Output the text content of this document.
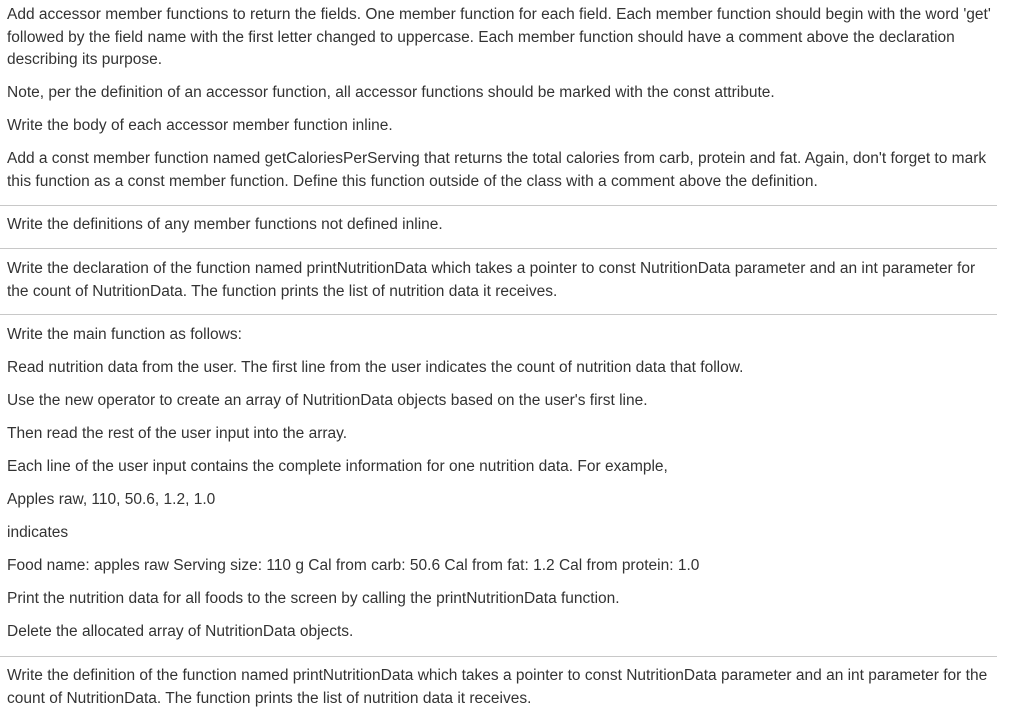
Add accessor member functions to return the fields. One member function for each field. Each member function should begin with the word 'get' followed by the field name with the first letter changed to uppercase. Each member function should have a comment above the declaration describing its purpose.

Note, per the definition of an accessor function, all accessor functions should be marked with the const attribute.

Write the body of each accessor member function inline.

Add a const member function named getCaloriesPerServing that returns the total calories from carb, protein and fat. Again, don't forget to mark this function as a const member function. Define this function outside of the class with a comment above the definition.

Write the definitions of any member functions not defined inline.

Write the declaration of the function named printNutritionData which takes a pointer to const NutritionData parameter and an int parameter for the count of NutritionData. The function prints the list of nutrition data it receives.

Write the main function as follows:

Read nutrition data from the user. The first line from the user indicates the count of nutrition data that follow.

Use the new operator to create an array of NutritionData objects based on the user's first line.

Then read the rest of the user input into the array.

Each line of the user input contains the complete information for one nutrition data. For example,

Apples raw, 110, 50.6, 1.2, 1.0

indicates

Food name: apples raw Serving size: 110 g Cal from carb: 50.6 Cal from fat: 1.2 Cal from protein: 1.0

Print the nutrition data for all foods to the screen by calling the printNutritionData function.

Delete the allocated array of NutritionData objects.

Write the definition of the function named printNutritionData which takes a pointer to const NutritionData parameter and an int parameter for the count of NutritionData. The function prints the list of nutrition data it receives.
